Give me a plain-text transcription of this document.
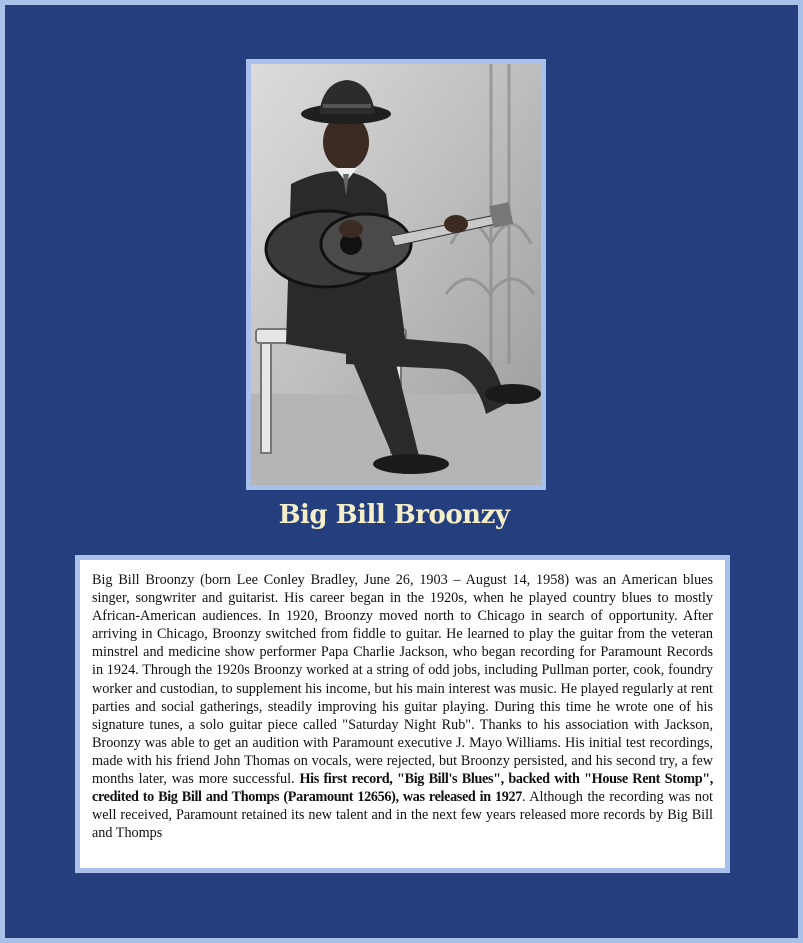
Big Bill Broonzy

Big Bill Broonzy (born Lee Conley Bradley, June 26, 1903 – August 14, 1958) was an American blues singer, songwriter and guitarist. His career began in the 1920s, when he played country blues to mostly African-American audiences. In 1920, Broonzy moved north to Chicago in search of opportunity. After arriving in Chicago, Broonzy switched from fiddle to guitar. He learned to play the guitar from the veteran minstrel and medicine show performer Papa Charlie Jackson, who began recording for Paramount Records in 1924. Through the 1920s Broonzy worked at a string of odd jobs, including Pullman porter, cook, foundry worker and custodian, to supplement his income, but his main interest was music. He played regularly at rent parties and social gatherings, steadily improving his guitar playing. During this time he wrote one of his signature tunes, a solo guitar piece called "Saturday Night Rub". Thanks to his association with Jackson, Broonzy was able to get an audition with Paramount executive J. Mayo Williams. His initial test recordings, made with his friend John Thomas on vocals, were rejected, but Broonzy persisted, and his second try, a few months later, was more successful. His first record, "Big Bill's Blues", backed with "House Rent Stomp", credited to Big Bill and Thomps (Paramount 12656), was released in 1927. Although the recording was not well received, Paramount retained its new talent and in the next few years released more records by Big Bill and Thomps
